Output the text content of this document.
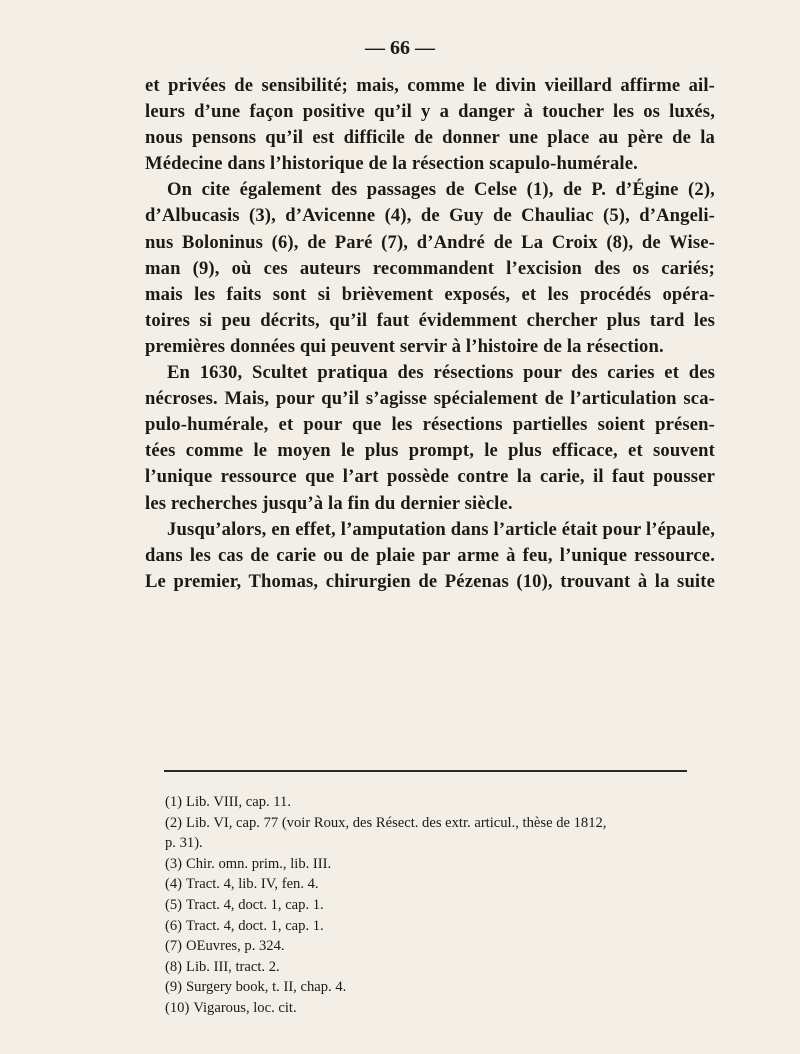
— 66 —
et privées de sensibilité; mais, comme le divin vieillard affirme ail-
leurs d’une façon positive qu’il y a danger à toucher les os luxés,
nous pensons qu’il est difficile de donner une place au père de la
Médecine dans l’historique de la résection scapulo-humérale.
On cite également des passages de Celse (1), de P. d’Égine (2),
d’Albucasis (3), d’Avicenne (4), de Guy de Chauliac (5), d’Angeli-
nus Boloninus (6), de Paré (7), d’André de La Croix (8), de Wise-
man (9), où ces auteurs recommandent l’excision des os cariés;
mais les faits sont si brièvement exposés, et les procédés opéra-
toires si peu décrits, qu’il faut évidemment chercher plus tard les
premières données qui peuvent servir à l’histoire de la résection.
En 1630, Scultet pratiqua des résections pour des caries et des
nécroses. Mais, pour qu’il s’agisse spécialement de l’articulation sca-
pulo-humérale, et pour que les résections partielles soient présen-
tées comme le moyen le plus prompt, le plus efficace, et souvent
l’unique ressource que l’art possède contre la carie, il faut pousser
les recherches jusqu’à la fin du dernier siècle.
Jusqu’alors, en effet, l’amputation dans l’article était pour l’épaule,
dans les cas de carie ou de plaie par arme à feu, l’unique ressource.
Le premier, Thomas, chirurgien de Pézenas (10), trouvant à la suite
(1) Lib. VIII, cap. 11.
(2) Lib. VI, cap. 77 (voir Roux, des Résect. des extr. articul., thèse de 1812,
p. 31).
(3) Chir. omn. prim., lib. III.
(4) Tract. 4, lib. IV, fen. 4.
(5) Tract. 4, doct. 1, cap. 1.
(6) Tract. 4, doct. 1, cap. 1.
(7) OEuvres, p. 324.
(8) Lib. III, tract. 2.
(9) Surgery book, t. II, chap. 4.
(10) Vigarous, loc. cit.
